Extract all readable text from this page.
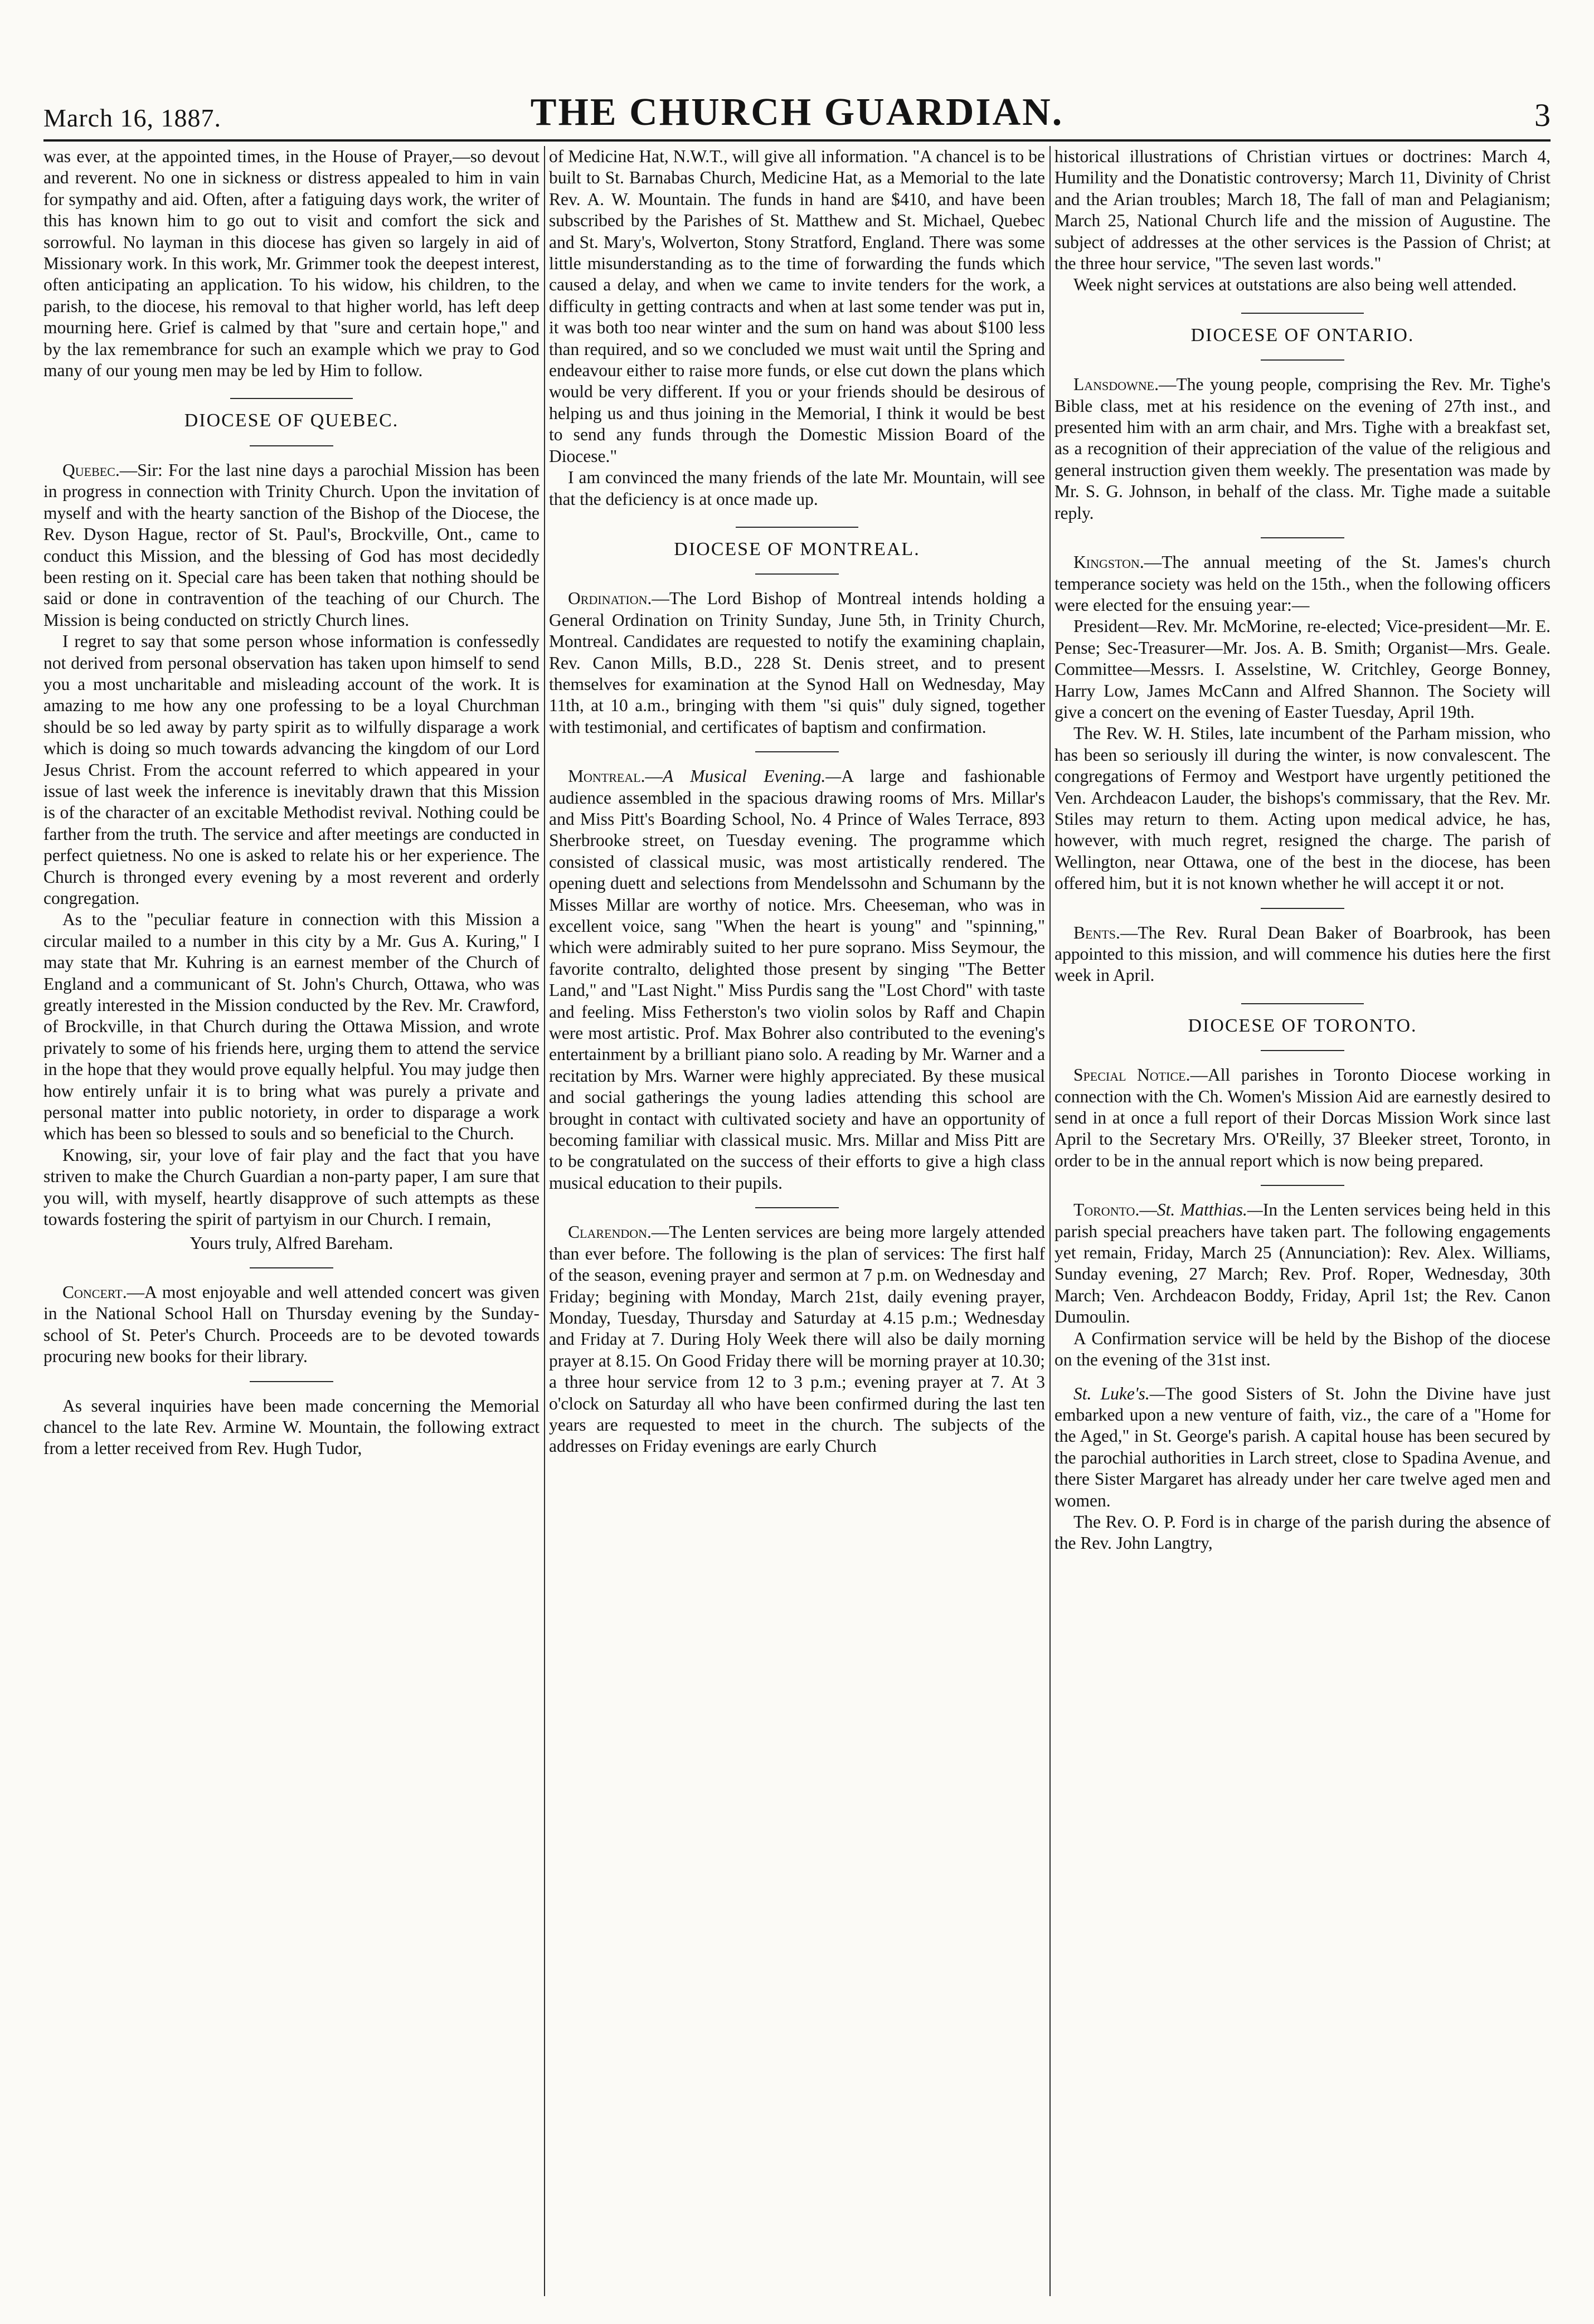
March 16, 1887.	THE CHURCH GUARDIAN.	3

was ever, at the appointed times, in the House of Prayer,—so devout and reverent. No one in sickness or distress appealed to him in vain for sympathy and aid. Often, after a fatiguing days work, the writer of this has known him to go out to visit and comfort the sick and sorrowful. No layman in this diocese has given so largely in aid of Missionary work. In this work, Mr. Grimmer took the deepest interest, often anticipating an application. To his widow, his children, to the parish, to the diocese, his removal to that higher world, has left deep mourning here. Grief is calmed by that "sure and certain hope," and by the lax remembrance for such an example which we pray to God many of our young men may be led by Him to follow.

DIOCESE OF QUEBEC.

Quebec.—Sir: For the last nine days a parochial Mission has been in progress in connection with Trinity Church. Upon the invitation of myself and with the hearty sanction of the Bishop of the Diocese, the Rev. Dyson Hague, rector of St. Paul's, Brockville, Ont., came to conduct this Mission, and the blessing of God has most decidedly been resting on it. Special care has been taken that nothing should be said or done in contravention of the teaching of our Church. The Mission is being conducted on strictly Church lines.

I regret to say that some person whose information is confessedly not derived from personal observation has taken upon himself to send you a most uncharitable and misleading account of the work. It is amazing to me how any one professing to be a loyal Churchman should be so led away by party spirit as to wilfully disparage a work which is doing so much towards advancing the kingdom of our Lord Jesus Christ. From the account referred to which appeared in your issue of last week the inference is inevitably drawn that this Mission is of the character of an excitable Methodist revival. Nothing could be farther from the truth. The service and after meetings are conducted in perfect quietness. No one is asked to relate his or her experience. The Church is thronged every evening by a most reverent and orderly congregation.

As to the "peculiar feature in connection with this Mission a circular mailed to a number in this city by a Mr. Gus A. Kuring," I may state that Mr. Kuhring is an earnest member of the Church of England and a communicant of St. John's Church, Ottawa, who was greatly interested in the Mission conducted by the Rev. Mr. Crawford, of Brockville, in that Church during the Ottawa Mission, and wrote privately to some of his friends here, urging them to attend the service in the hope that they would prove equally helpful. You may judge then how entirely unfair it is to bring what was purely a private and personal matter into public notoriety, in order to disparage a work which has been so blessed to souls and so beneficial to the Church.

Knowing, sir, your love of fair play and the fact that you have striven to make the Church Guardian a non-party paper, I am sure that you will, with myself, heartly disapprove of such attempts as these towards fostering the spirit of partyism in our Church. I remain,

Yours truly, Alfred Bareham.

Concert.—A most enjoyable and well attended concert was given in the National School Hall on Thursday evening by the Sunday-school of St. Peter's Church. Proceeds are to be devoted towards procuring new books for their library.

As several inquiries have been made concerning the Memorial chancel to the late Rev. Armine W. Mountain, the following extract from a letter received from Rev. Hugh Tudor,

of Medicine Hat, N.W.T., will give all information. "A chancel is to be built to St. Barnabas Church, Medicine Hat, as a Memorial to the late Rev. A. W. Mountain. The funds in hand are $410, and have been subscribed by the Parishes of St. Matthew and St. Michael, Quebec and St. Mary's, Wolverton, Stony Stratford, England. There was some little misunderstanding as to the time of forwarding the funds which caused a delay, and when we came to invite tenders for the work, a difficulty in getting contracts and when at last some tender was put in, it was both too near winter and the sum on hand was about $100 less than required, and so we concluded we must wait until the Spring and endeavour either to raise more funds, or else cut down the plans which would be very different. If you or your friends should be desirous of helping us and thus joining in the Memorial, I think it would be best to send any funds through the Domestic Mission Board of the Diocese."

I am convinced the many friends of the late Mr. Mountain, will see that the deficiency is at once made up.

DIOCESE OF MONTREAL.

Ordination.—The Lord Bishop of Montreal intends holding a General Ordination on Trinity Sunday, June 5th, in Trinity Church, Montreal. Candidates are requested to notify the examining chaplain, Rev. Canon Mills, B.D., 228 St. Denis street, and to present themselves for examination at the Synod Hall on Wednesday, May 11th, at 10 a.m., bringing with them "si quis" duly signed, together with testimonial, and certificates of baptism and confirmation.

Montreal.—A Musical Evening.—A large and fashionable audience assembled in the spacious drawing rooms of Mrs. Millar's and Miss Pitt's Boarding School, No. 4 Prince of Wales Terrace, 893 Sherbrooke street, on Tuesday evening. The programme which consisted of classical music, was most artistically rendered. The opening duett and selections from Mendelssohn and Schumann by the Misses Millar are worthy of notice. Mrs. Cheeseman, who was in excellent voice, sang "When the heart is young" and "spinning," which were admirably suited to her pure soprano. Miss Seymour, the favorite contralto, delighted those present by singing "The Better Land," and "Last Night." Miss Purdis sang the "Lost Chord" with taste and feeling. Miss Fetherston's two violin solos by Raff and Chapin were most artistic. Prof. Max Bohrer also contributed to the evening's entertainment by a brilliant piano solo. A reading by Mr. Warner and a recitation by Mrs. Warner were highly appreciated. By these musical and social gatherings the young ladies attending this school are brought in contact with cultivated society and have an opportunity of becoming familiar with classical music. Mrs. Millar and Miss Pitt are to be congratulated on the success of their efforts to give a high class musical education to their pupils.

Clarendon.—The Lenten services are being more largely attended than ever before. The following is the plan of services: The first half of the season, evening prayer and sermon at 7 p.m. on Wednesday and Friday; begining with Monday, March 21st, daily evening prayer, Monday, Tuesday, Thursday and Saturday at 4.15 p.m.; Wednesday and Friday at 7. During Holy Week there will also be daily morning prayer at 8.15. On Good Friday there will be morning prayer at 10.30; a three hour service from 12 to 3 p.m.; evening prayer at 7. At 3 o'clock on Saturday all who have been confirmed during the last ten years are requested to meet in the church. The subjects of the addresses on Friday evenings are early Church

historical illustrations of Christian virtues or doctrines: March 4, Humility and the Donatistic controversy; March 11, Divinity of Christ and the Arian troubles; March 18, The fall of man and Pelagianism; March 25, National Church life and the mission of Augustine. The subject of addresses at the other services is the Passion of Christ; at the three hour service, "The seven last words."

Week night services at outstations are also being well attended.

DIOCESE OF ONTARIO.

Lansdowne.—The young people, comprising the Rev. Mr. Tighe's Bible class, met at his residence on the evening of 27th inst., and presented him with an arm chair, and Mrs. Tighe with a breakfast set, as a recognition of their appreciation of the value of the religious and general instruction given them weekly. The presentation was made by Mr. S. G. Johnson, in behalf of the class. Mr. Tighe made a suitable reply.

Kingston.—The annual meeting of the St. James's church temperance society was held on the 15th., when the following officers were elected for the ensuing year:—

President—Rev. Mr. McMorine, re-elected; Vice-president—Mr. E. Pense; Sec-Treasurer—Mr. Jos. A. B. Smith; Organist—Mrs. Geale. Committee—Messrs. I. Asselstine, W. Critchley, George Bonney, Harry Low, James McCann and Alfred Shannon. The Society will give a concert on the evening of Easter Tuesday, April 19th.

The Rev. W. H. Stiles, late incumbent of the Parham mission, who has been so seriously ill during the winter, is now convalescent. The congregations of Fermoy and Westport have urgently petitioned the Ven. Archdeacon Lauder, the bishops's commissary, that the Rev. Mr. Stiles may return to them. Acting upon medical advice, he has, however, with much regret, resigned the charge. The parish of Wellington, near Ottawa, one of the best in the diocese, has been offered him, but it is not known whether he will accept it or not.

Bents.—The Rev. Rural Dean Baker of Boarbrook, has been appointed to this mission, and will commence his duties here the first week in April.

DIOCESE OF TORONTO.

Special Notice.—All parishes in Toronto Diocese working in connection with the Ch. Women's Mission Aid are earnestly desired to send in at once a full report of their Dorcas Mission Work since last April to the Secretary Mrs. O'Reilly, 37 Bleeker street, Toronto, in order to be in the annual report which is now being prepared.

Toronto.—St. Matthias.—In the Lenten services being held in this parish special preachers have taken part. The following engagements yet remain, Friday, March 25 (Annunciation): Rev. Alex. Williams, Sunday evening, 27 March; Rev. Prof. Roper, Wednesday, 30th March; Ven. Archdeacon Boddy, Friday, April 1st; the Rev. Canon Dumoulin.

A Confirmation service will be held by the Bishop of the diocese on the evening of the 31st inst.

St. Luke's.—The good Sisters of St. John the Divine have just embarked upon a new venture of faith, viz., the care of a "Home for the Aged," in St. George's parish. A capital house has been secured by the parochial authorities in Larch street, close to Spadina Avenue, and there Sister Margaret has already under her care twelve aged men and women.

The Rev. O. P. Ford is in charge of the parish during the absence of the Rev. John Langtry,
